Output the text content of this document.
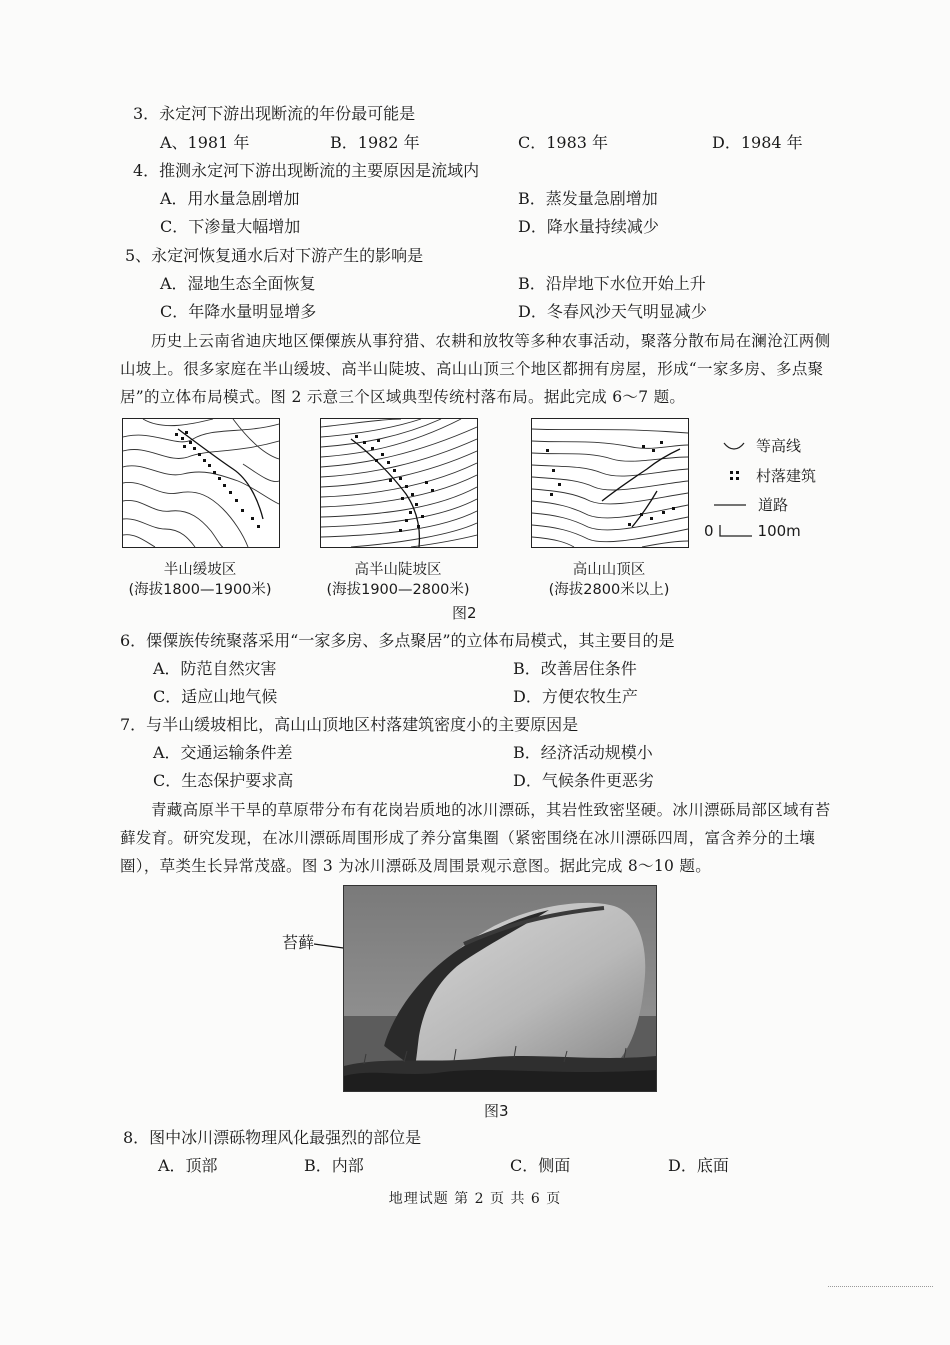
3．永定河下游出现断流的年份最可能是
A、1981 年	B．1982 年	C．1983 年	D．1984 年
4．推测永定河下游出现断流的主要原因是流域内
A．用水量急剧增加	B．蒸发量急剧增加
C．下渗量大幅增加	D．降水量持续减少
5、永定河恢复通水后对下游产生的影响是
A．湿地生态全面恢复	B．沿岸地下水位开始上升
C．年降水量明显增多	D．冬春风沙天气明显减少
历史上云南省迪庆地区傈僳族从事狩猎、农耕和放牧等多种农事活动，聚落分散布局在澜沧江两侧山坡上。很多家庭在半山缓坡、高半山陡坡、高山山顶三个地区都拥有房屋，形成“一家多房、多点聚居”的立体布局模式。图 2 示意三个区域典型传统村落布局。据此完成 6～7 题。
半山缓坡区
(海拔1800—1900米)
高半山陡坡区
(海拔1900—2800米)
高山山顶区
(海拔2800米以上)
等高线
村落建筑
道路
0	100m
图2
6．傈僳族传统聚落采用“一家多房、多点聚居”的立体布局模式，其主要目的是
A．防范自然灾害	B．改善居住条件
C．适应山地气候	D．方便农牧生产
7．与半山缓坡相比，高山山顶地区村落建筑密度小的主要原因是
A．交通运输条件差	B．经济活动规模小
C．生态保护要求高	D．气候条件更恶劣
青藏高原半干旱的草原带分布有花岗岩质地的冰川漂砾，其岩性致密坚硬。冰川漂砾局部区域有苔藓发育。研究发现，在冰川漂砾周围形成了养分富集圈（紧密围绕在冰川漂砾四周，富含养分的土壤圈），草类生长异常茂盛。图 3 为冰川漂砾及周围景观示意图。据此完成 8～10 题。
苔藓
图3
8．图中冰川漂砾物理风化最强烈的部位是
A．顶部	B．内部	C．侧面	D．底面
地理试题 第 2 页 共 6 页
